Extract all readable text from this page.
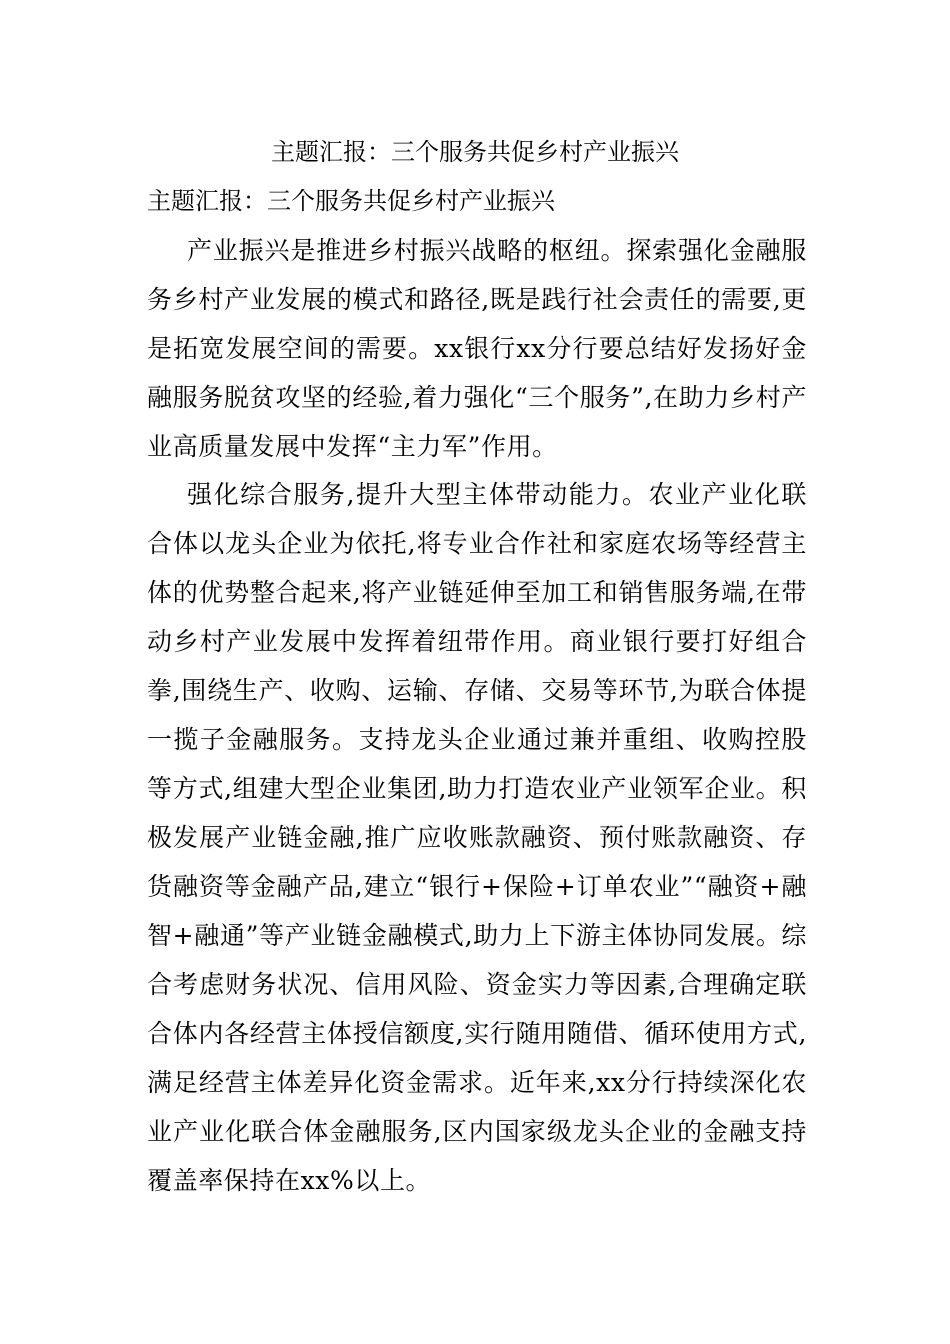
主题汇报：三个服务共促乡村产业振兴
主题汇报：三个服务共促乡村产业振兴

产业振兴是推进乡村振兴战略的枢纽。探索强化金融服务乡村产业发展的模式和路径,既是践行社会责任的需要,更是拓宽发展空间的需要。xx银行xx分行要总结好发扬好金融服务脱贫攻坚的经验,着力强化“三个服务”,在助力乡村产业高质量发展中发挥“主力军”作用。

强化综合服务,提升大型主体带动能力。农业产业化联合体以龙头企业为依托,将专业合作社和家庭农场等经营主体的优势整合起来,将产业链延伸至加工和销售服务端,在带动乡村产业发展中发挥着纽带作用。商业银行要打好组合拳,围绕生产、收购、运输、存储、交易等环节,为联合体提一揽子金融服务。支持龙头企业通过兼并重组、收购控股等方式,组建大型企业集团,助力打造农业产业领军企业。积极发展产业链金融,推广应收账款融资、预付账款融资、存货融资等金融产品,建立“银行+保险+订单农业”“融资+融智+融通”等产业链金融模式,助力上下游主体协同发展。综合考虑财务状况、信用风险、资金实力等因素,合理确定联合体内各经营主体授信额度,实行随用随借、循环使用方式,满足经营主体差异化资金需求。近年来,xx分行持续深化农业产业化联合体金融服务,区内国家级龙头企业的金融支持覆盖率保持在xx%以上。
